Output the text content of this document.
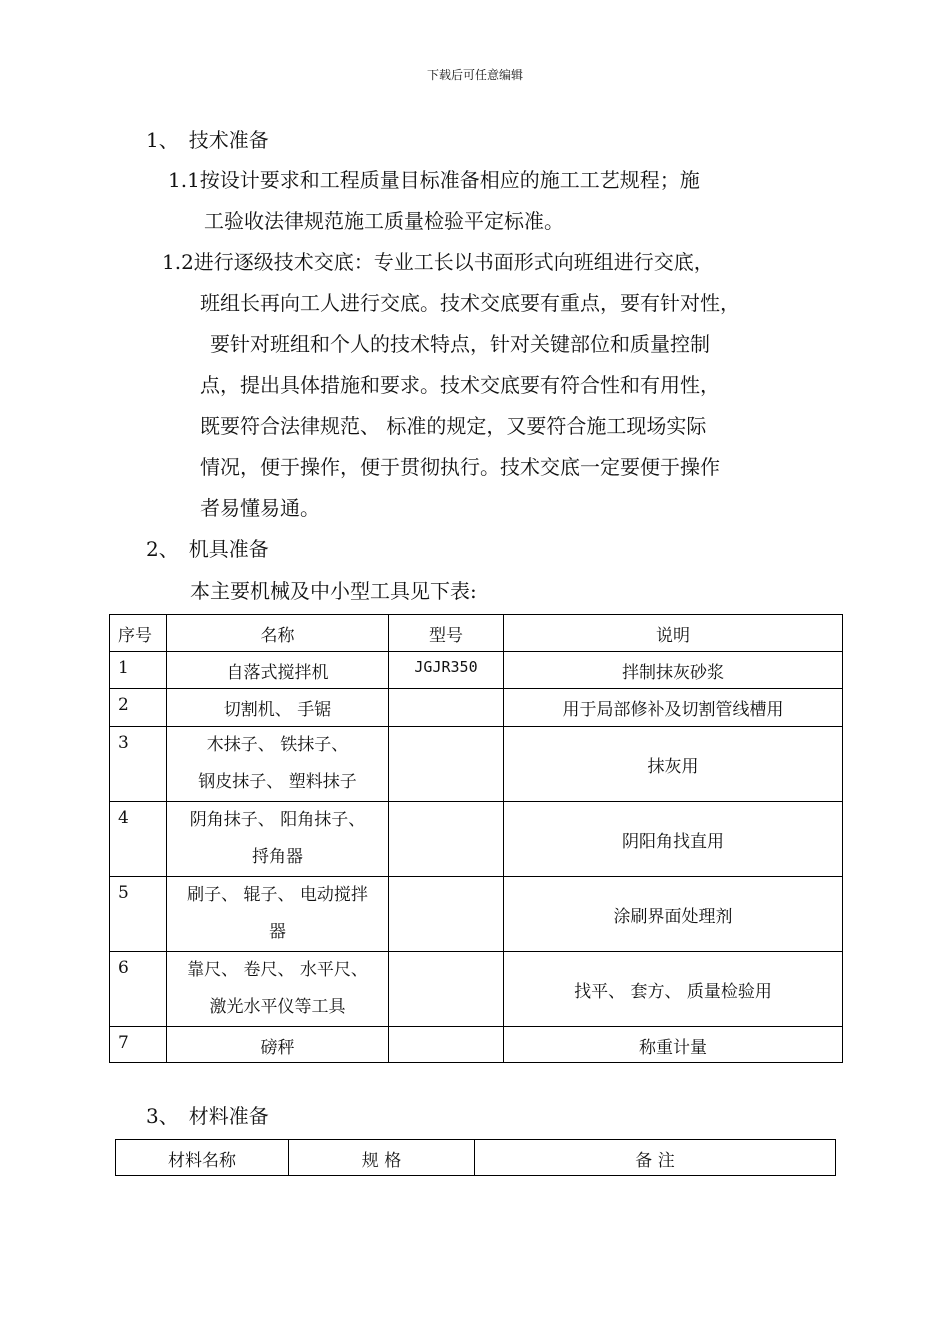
下载后可任意编辑
1、　技术准备
1.1按设计要求和工程质量目标准备相应的施工工艺规程；施
工验收法律规范施工质量检验平定标准。
1.2进行逐级技术交底：专业工长以书面形式向班组进行交底，
班组长再向工人进行交底。技术交底要有重点，要有针对性，
要针对班组和个人的技术特点，针对关键部位和质量控制
点，提出具体措施和要求。技术交底要有符合性和有用性，
既要符合法律规范、 标准的规定，又要符合施工现场实际
情况，便于操作，便于贯彻执行。技术交底一定要便于操作
者易懂易通。
2、　机具准备
本主要机械及中小型工具见下表:
序号	名称	型号	说明
1	自落式搅拌机	JGJR350	拌制抹灰砂浆
2	切割机、 手锯		用于局部修补及切割管线槽用
3	木抹子、 铁抹子、
钢皮抹子、 塑料抹子		抹灰用
4	阴角抹子、 阳角抹子、
捋角器		阴阳角找直用
5	刷子、 辊子、 电动搅拌
器		涂刷界面处理剂
6	靠尺、 卷尺、 水平尺、
激光水平仪等工具		找平、 套方、 质量检验用
7	磅秤		称重计量
3、　材料准备
材料名称	规 格	备 注
